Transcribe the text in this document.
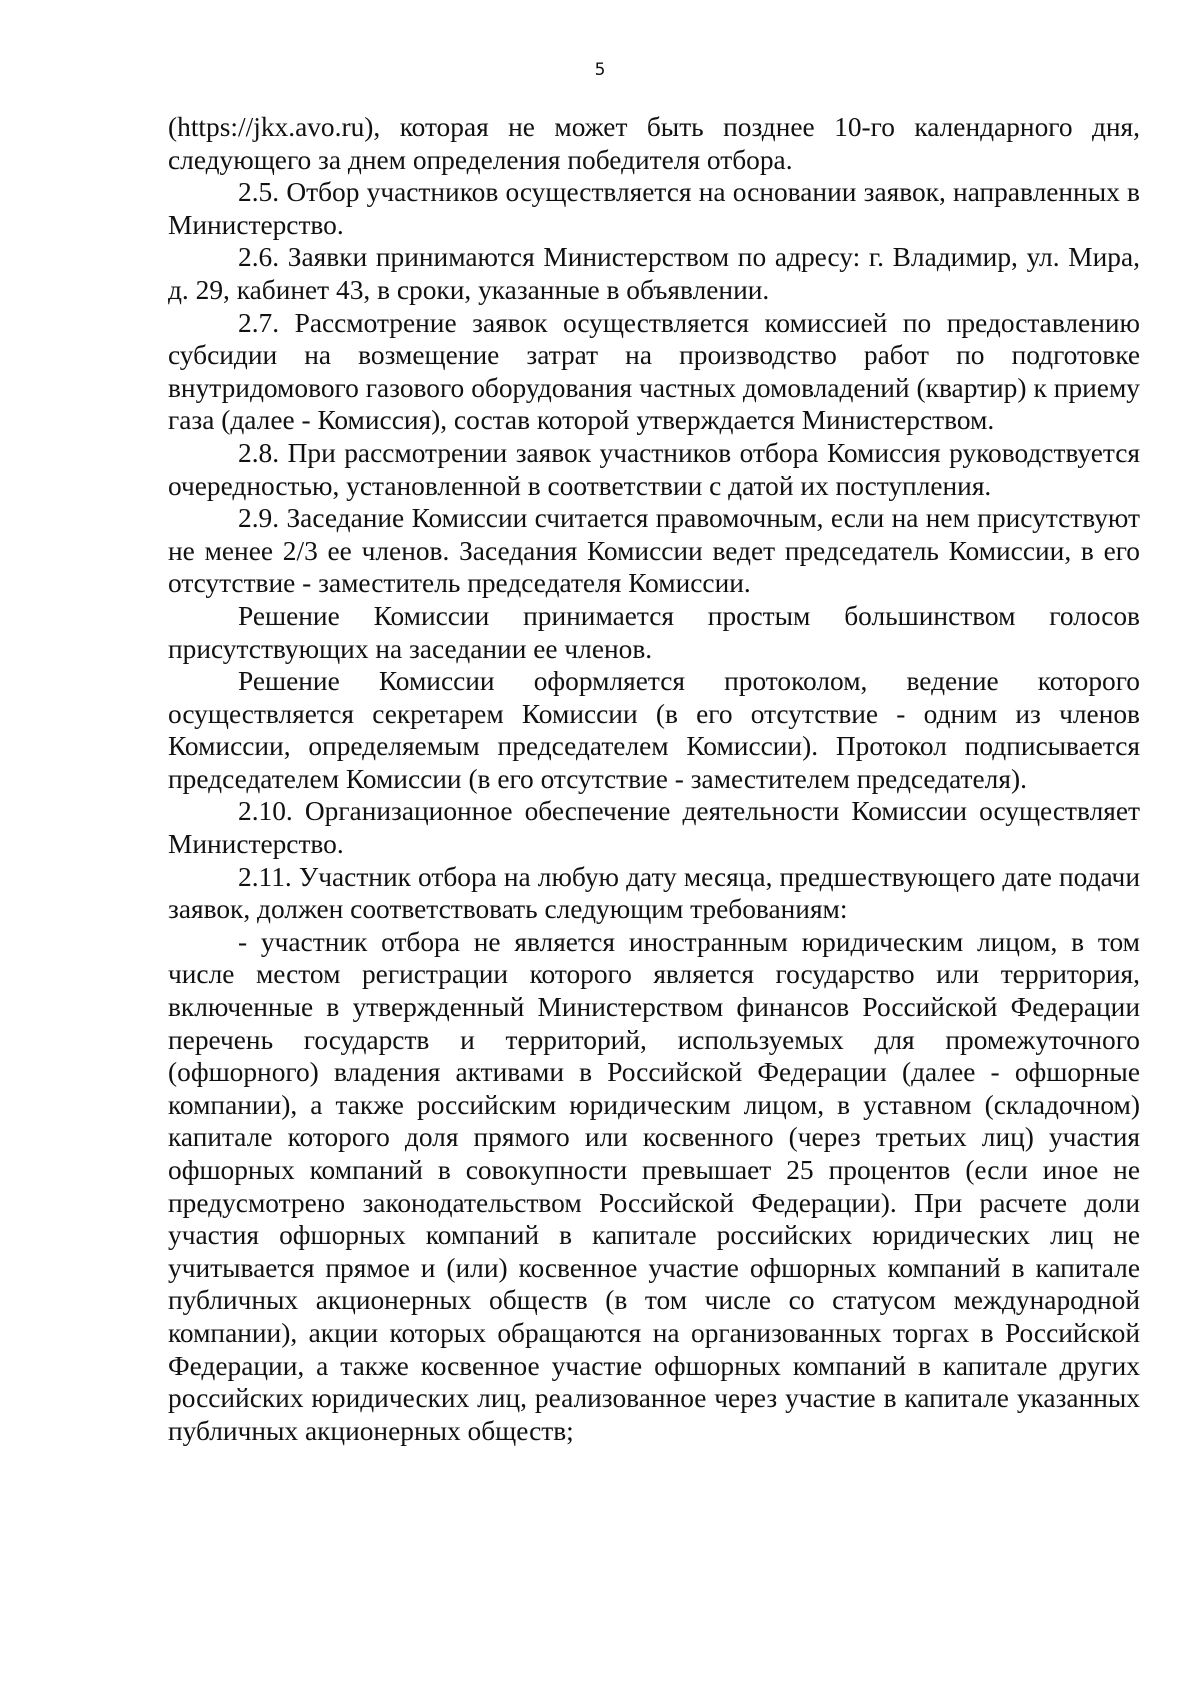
5

(https://jkx.avo.ru), которая не может быть позднее 10-го календарного дня, следующего за днем определения победителя отбора.

2.5. Отбор участников осуществляется на основании заявок, направленных в Министерство.

2.6. Заявки принимаются Министерством по адресу: г. Владимир, ул. Мира, д. 29, кабинет 43, в сроки, указанные в объявлении.

2.7. Рассмотрение заявок осуществляется комиссией по предоставлению субсидии на возмещение затрат на производство работ по подготовке внутридомового газового оборудования частных домовладений (квартир) к приему газа (далее - Комиссия), состав которой утверждается Министерством.

2.8. При рассмотрении заявок участников отбора Комиссия руководствуется очередностью, установленной в соответствии с датой их поступления.

2.9. Заседание Комиссии считается правомочным, если на нем присутствуют не менее 2/3 ее членов. Заседания Комиссии ведет председатель Комиссии, в его отсутствие - заместитель председателя Комиссии.

Решение Комиссии принимается простым большинством голосов присутствующих на заседании ее членов.

Решение Комиссии оформляется протоколом, ведение которого осуществляется секретарем Комиссии (в его отсутствие - одним из членов Комиссии, определяемым председателем Комиссии). Протокол подписывается председателем Комиссии (в его отсутствие - заместителем председателя).

2.10. Организационное обеспечение деятельности Комиссии осуществляет Министерство.

2.11. Участник отбора на любую дату месяца, предшествующего дате подачи заявок, должен соответствовать следующим требованиям:

- участник отбора не является иностранным юридическим лицом, в том числе местом регистрации которого является государство или территория, включенные в утвержденный Министерством финансов Российской Федерации перечень государств и территорий, используемых для промежуточного (офшорного) владения активами в Российской Федерации (далее - офшорные компании), а также российским юридическим лицом, в уставном (складочном) капитале которого доля прямого или косвенного (через третьих лиц) участия офшорных компаний в совокупности превышает 25 процентов (если иное не предусмотрено законодательством Российской Федерации). При расчете доли участия офшорных компаний в капитале российских юридических лиц не учитывается прямое и (или) косвенное участие офшорных компаний в капитале публичных акционерных обществ (в том числе со статусом международной компании), акции которых обращаются на организованных торгах в Российской Федерации, а также косвенное участие офшорных компаний в капитале других российских юридических лиц, реализованное через участие в капитале указанных публичных акционерных обществ;
